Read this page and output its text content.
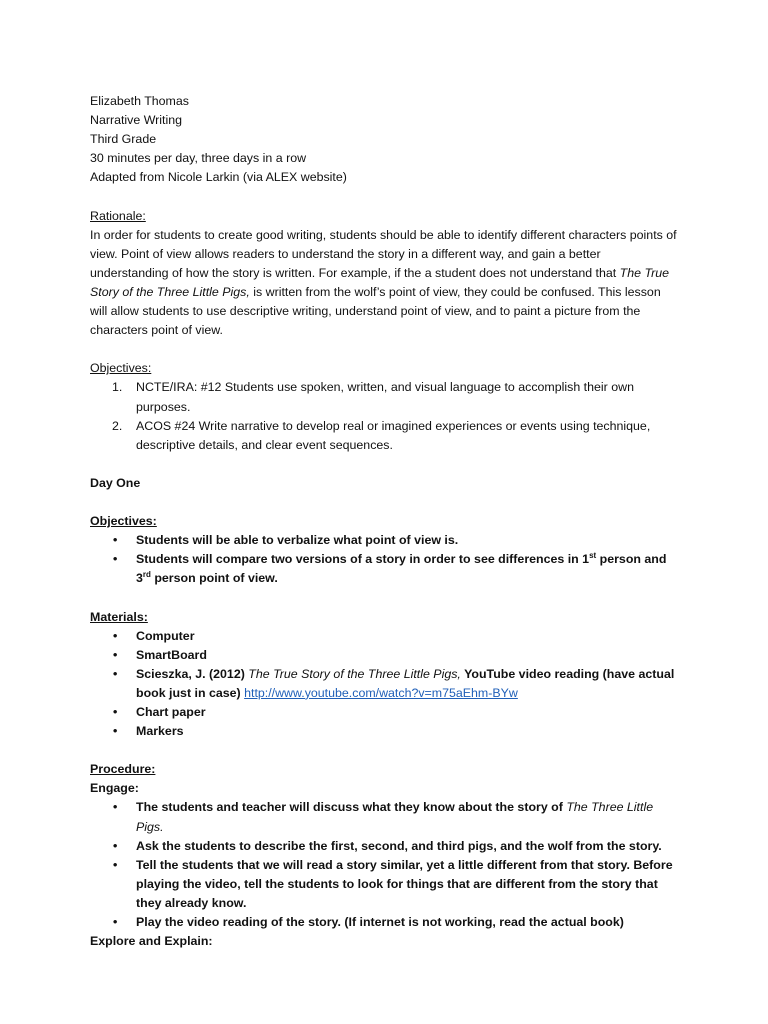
Elizabeth Thomas
Narrative Writing
Third Grade
30 minutes per day, three days in a row
Adapted from Nicole Larkin (via ALEX website)
Rationale:
In order for students to create good writing, students should be able to identify different characters points of view. Point of view allows readers to understand the story in a different way, and gain a better understanding of how the story is written. For example, if the a student does not understand that The True Story of the Three Little Pigs, is written from the wolf’s point of view, they could be confused. This lesson will allow students to use descriptive writing, understand point of view, and to paint a picture from the characters point of view.
Objectives:
1. NCTE/IRA: #12 Students use spoken, written, and visual language to accomplish their own purposes.
2. ACOS #24 Write narrative to develop real or imagined experiences or events using technique, descriptive details, and clear event sequences.
Day One
Objectives:
• Students will be able to verbalize what point of view is.
• Students will compare two versions of a story in order to see differences in 1st person and 3rd person point of view.
Materials:
• Computer
• SmartBoard
• Scieszka, J. (2012) The True Story of the Three Little Pigs, YouTube video reading (have actual book just in case) http://www.youtube.com/watch?v=m75aEhm-BYw
• Chart paper
• Markers
Procedure:
Engage:
• The students and teacher will discuss what they know about the story of The Three Little Pigs.
• Ask the students to describe the first, second, and third pigs, and the wolf from the story.
• Tell the students that we will read a story similar, yet a little different from that story. Before playing the video, tell the students to look for things that are different from the story that they already know.
• Play the video reading of the story. (If internet is not working, read the actual book)
Explore and Explain:
